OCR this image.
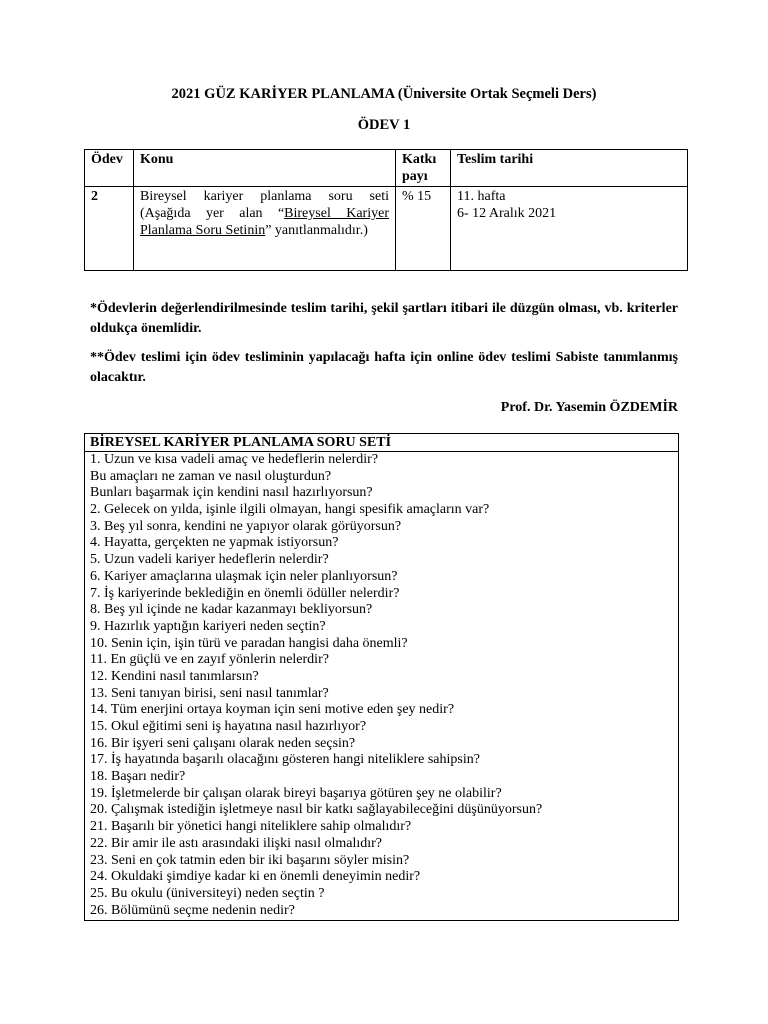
2021 GÜZ KARİYER PLANLAMA (Üniversite Ortak Seçmeli Ders)
ÖDEV 1
Ödev	Konu	Katkı payı	Teslim tarihi
2	Bireysel kariyer planlama soru seti (Aşağıda yer alan “Bireysel Kariyer Planlama Soru Setinin” yanıtlanmalıdır.)	% 15	11. hafta
6- 12 Aralık 2021
*Ödevlerin değerlendirilmesinde teslim tarihi, şekil şartları itibari ile düzgün olması, vb. kriterler oldukça önemlidir.
**Ödev teslimi için ödev tesliminin yapılacağı hafta için online ödev teslimi Sabiste tanımlanmış olacaktır.
Prof. Dr. Yasemin ÖZDEMİR
BİREYSEL KARİYER PLANLAMA SORU SETİ
1. Uzun ve kısa vadeli amaç ve hedeflerin nelerdir?
Bu amaçları ne zaman ve nasıl oluşturdun?
Bunları başarmak için kendini nasıl hazırlıyorsun?
2. Gelecek on yılda, işinle ilgili olmayan, hangi spesifik amaçların var?
3. Beş yıl sonra, kendini ne yapıyor olarak görüyorsun?
4. Hayatta, gerçekten ne yapmak istiyorsun?
5. Uzun vadeli kariyer hedeflerin nelerdir?
6. Kariyer amaçlarına ulaşmak için neler planlıyorsun?
7. İş kariyerinde beklediğin en önemli ödüller nelerdir?
8. Beş yıl içinde ne kadar kazanmayı bekliyorsun?
9. Hazırlık yaptığın kariyeri neden seçtin?
10. Senin için, işin türü ve paradan hangisi daha önemli?
11. En güçlü ve en zayıf yönlerin nelerdir?
12. Kendini nasıl tanımlarsın?
13. Seni tanıyan birisi, seni nasıl tanımlar?
14. Tüm enerjini ortaya koyman için seni motive eden şey nedir?
15. Okul eğitimi seni iş hayatına nasıl hazırlıyor?
16. Bir işyeri seni çalışanı olarak neden seçsin?
17. İş hayatında başarılı olacağını gösteren hangi niteliklere sahipsin?
18. Başarı nedir?
19. İşletmelerde bir çalışan olarak bireyi başarıya götüren şey ne olabilir?
20. Çalışmak istediğin işletmeye nasıl bir katkı sağlayabileceğini düşünüyorsun?
21. Başarılı bir yönetici hangi niteliklere sahip olmalıdır?
22. Bir amir ile astı arasındaki ilişki nasıl olmalıdır?
23. Seni en çok tatmin eden bir iki başarını söyler misin?
24. Okuldaki şimdiye kadar ki en önemli deneyimin nedir?
25. Bu okulu (üniversiteyi) neden seçtin ?
26. Bölümünü seçme nedenin nedir?
